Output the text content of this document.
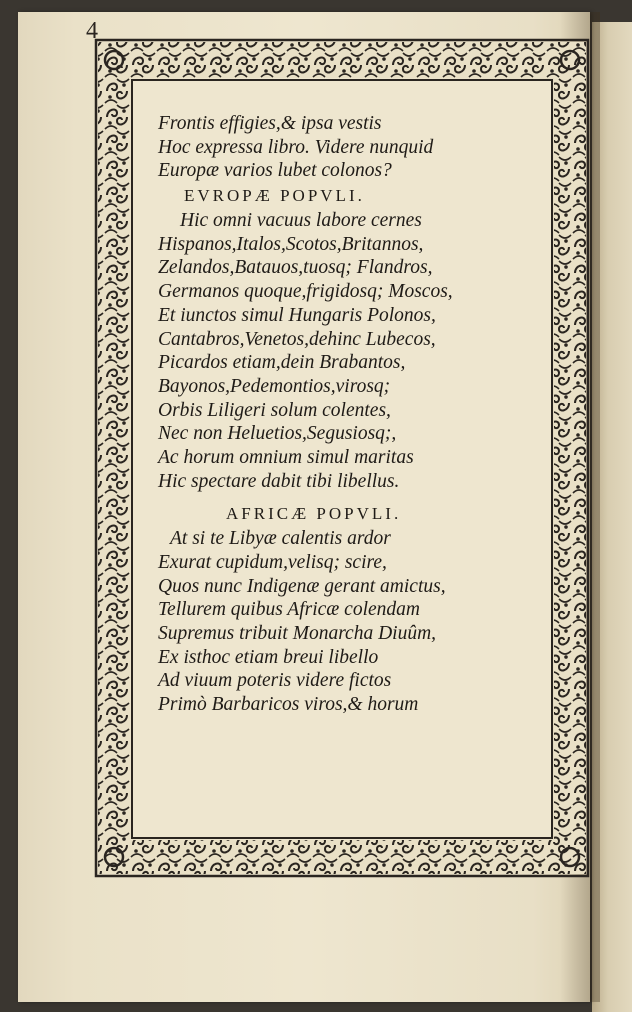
4
Frontis effigies,& ipsa vestis
Hoc expressa libro. Videre nunquid
Europæ varios lubet colonos?
EVROPÆ POPVLI.
Hic omni vacuus labore cernes
Hispanos,Italos,Scotos,Britannos,
Zelandos,Batauos,tuosq; Flandros,
Germanos quoque,frigidosq; Moscos,
Et iunctos simul Hungaris Polonos,
Cantabros,Venetos,dehinc Lubecos,
Picardos etiam,dein Brabantos,
Bayonos,Pedemontios,virosq;
Orbis Liligeri solum colentes,
Nec non Heluetios,Segusiosq;,
Ac horum omnium simul maritas
Hic spectare dabit tibi libellus.
AFRICÆ POPVLI.
At si te Libyæ calentis ardor
Exurat cupidum,velisq; scire,
Quos nunc Indigenæ gerant amictus,
Tellurem quibus Africæ colendam
Supremus tribuit Monarcha Diuûm,
Ex isthoc etiam breui libello
Ad viuum poteris videre fictos
Primò Barbaricos viros,& horum
